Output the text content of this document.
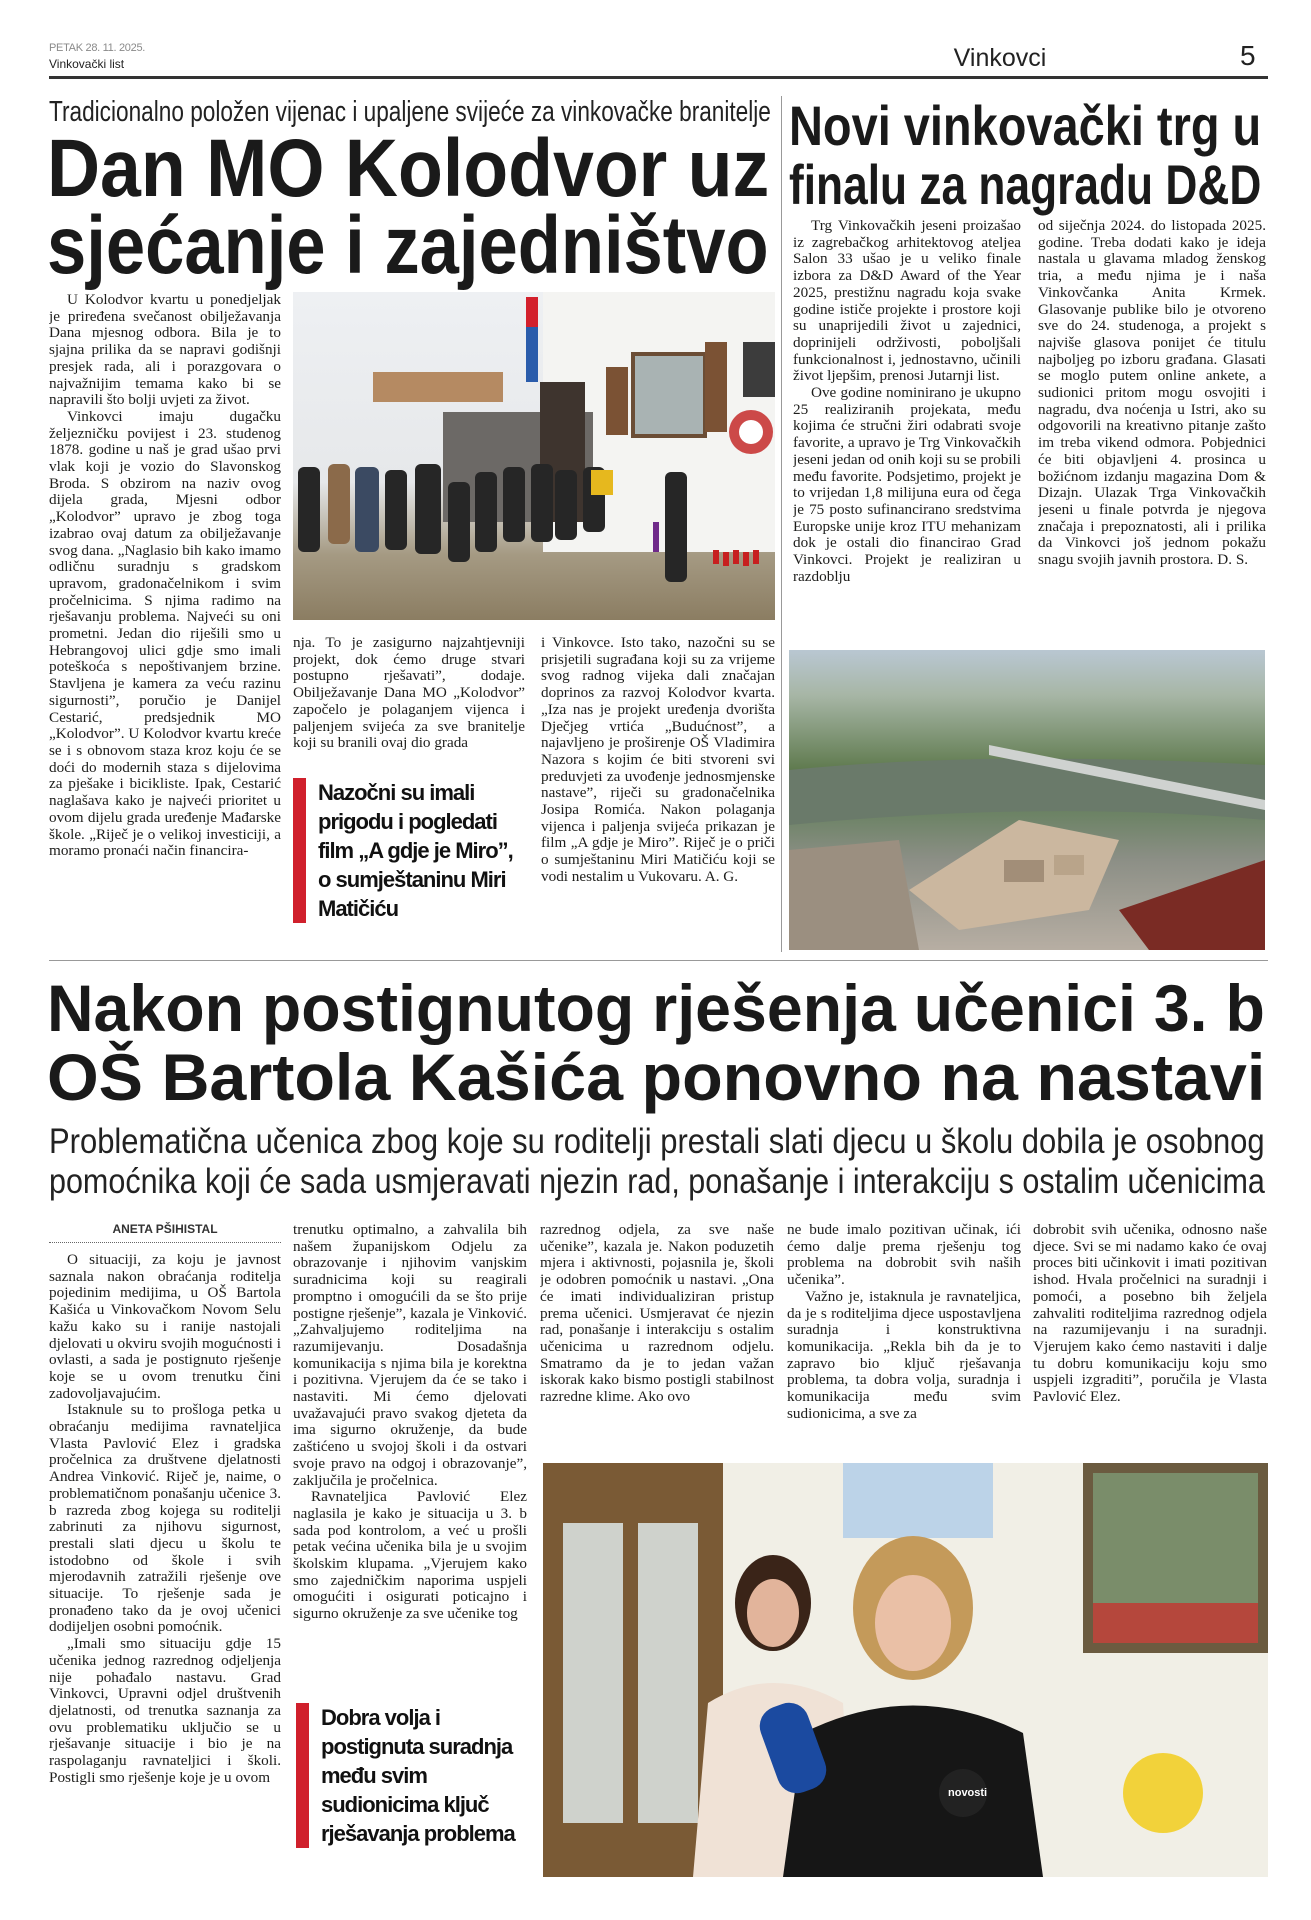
PETAK 28. 11. 2025.
Vinkovački list	Vinkovci	5
Tradicionalno položen vijenac i upaljene svijeće za vinkovačke branitelje
Dan MO Kolodvor uz
sjećanje i zajedništvo

U Kolodvor kvartu u ponedjeljak je priređena svečanost obilježavanja Dana mjesnog odbora. Bila je to sjajna prilika da se napravi godišnji presjek rada, ali i porazgovara o najvažnijim temama kako bi se napravili što bolji uvjeti za život.

Vinkovci imaju dugačku željezničku povijest i 23. studenog 1878. godine u naš je grad ušao prvi vlak koji je vozio do Slavonskog Broda. S obzirom na naziv ovog dijela grada, Mjesni odbor „Kolodvor” upravo je zbog toga izabrao ovaj datum za obilježavanje svog dana. „Naglasio bih kako imamo odličnu suradnju s gradskom upravom, gradonačelnikom i svim pročelnicima. S njima radimo na rješavanju problema. Najveći su oni prometni. Jedan dio riješili smo u Hebrangovoj ulici gdje smo imali poteškoća s nepoštivanjem brzine. Stavljena je kamera za veću razinu sigurnosti”, poručio je Danijel Cestarić, predsjednik MO „Kolodvor”. U Kolodvor kvartu kreće se i s obnovom staza kroz koju će se doći do modernih staza s dijelovima za pješake i bicikliste. Ipak, Cestarić naglašava kako je najveći prioritet u ovom dijelu grada uređenje Mađarske škole. „Riječ je o velikoj investiciji, a moramo pronaći način financira-

nja. To je zasigurno najzahtjevniji projekt, dok ćemo druge stvari postupno rješavati”, dodaje. Obilježavanje Dana MO „Kolodvor” započelo je polaganjem vijenca i paljenjem svijeća za sve branitelje koji su branili ovaj dio grada

Nazočni su imali prigodu i pogledati film „A gdje je Miro”, o sumještaninu Miri Matičiću

i Vinkovce. Isto tako, nazočni su se prisjetili sugrađana koji su za vrijeme svog radnog vijeka dali značajan doprinos za razvoj Kolodvor kvarta. „Iza nas je projekt uređenja dvorišta Dječjeg vrtića „Budućnost”, a najavljeno je proširenje OŠ Vladimira Nazora s kojim će biti stvoreni svi preduvjeti za uvođenje jednosmjenske nastave”, riječi su gradonačelnika Josipa Romića. Nakon polaganja vijenca i paljenja svijeća prikazan je film „A gdje je Miro”. Riječ je o priči o sumještaninu Miri Matičiću koji se vodi nestalim u Vukovaru. A. G.

Novi vinkovački trg u
finalu za nagradu D&D

Trg Vinkovačkih jeseni proizašao iz zagrebačkog arhitektovog ateljea Salon 33 ušao je u veliko finale izbora za D&D Award of the Year 2025, prestižnu nagradu koja svake godine ističe projekte i prostore koji su unaprijedili život u zajednici, doprinijeli održivosti, poboljšali funkcionalnost i, jednostavno, učinili život ljepšim, prenosi Jutarnji list.

Ove godine nominirano je ukupno 25 realiziranih projekata, među kojima će stručni žiri odabrati svoje favorite, a upravo je Trg Vinkovačkih jeseni jedan od onih koji su se probili među favorite. Podsjetimo, projekt je to vrijedan 1,8 milijuna eura od čega je 75 posto sufinancirano sredstvima Europske unije kroz ITU mehanizam dok je ostali dio financirao Grad Vinkovci. Projekt je realiziran u razdoblju

od siječnja 2024. do listopada 2025. godine. Treba dodati kako je ideja nastala u glavama mladog ženskog tria, a među njima je i naša Vinkovčanka Anita Krmek. Glasovanje publike bilo je otvoreno sve do 24. studenoga, a projekt s najviše glasova ponijet će titulu najboljeg po izboru građana. Glasati se moglo putem online ankete, a sudionici pritom mogu osvojiti i nagradu, dva noćenja u Istri, ako su odgovorili na kreativno pitanje zašto im treba vikend odmora. Pobjednici će biti objavljeni 4. prosinca u božićnom izdanju magazina Dom & Dizajn. Ulazak Trga Vinkovačkih jeseni u finale potvrda je njegova značaja i prepoznatosti, ali i prilika da Vinkovci još jednom pokažu snagu svojih javnih prostora. D. S.

Nakon postignutog rješenja učenici 3. b
OŠ Bartola Kašića ponovno na nastavi
Problematična učenica zbog koje su roditelji prestali slati djecu u školu dobila je osobnog
pomoćnika koji će sada usmjeravati njezin rad, ponašanje i interakciju s ostalim učenicima
ANETA PŠIHISTAL

O situaciji, za koju je javnost saznala nakon obraćanja roditelja pojedinim medijima, u OŠ Bartola Kašića u Vinkovačkom Novom Selu kažu kako su i ranije nastojali djelovati u okviru svojih mogućnosti i ovlasti, a sada je postignuto rješenje koje se u ovom trenutku čini zadovoljavajućim.

Istaknule su to prošloga petka u obraćanju medijima ravnateljica Vlasta Pavlović Elez i gradska pročelnica za društvene djelatnosti Andrea Vinković. Riječ je, naime, o problematičnom ponašanju učenice 3. b razreda zbog kojega su roditelji zabrinuti za njihovu sigurnost, prestali slati djecu u školu te istodobno od škole i svih mjerodavnih zatražili rješenje ove situacije. To rješenje sada je pronađeno tako da je ovoj učenici dodijeljen osobni pomoćnik.

„Imali smo situaciju gdje 15 učenika jednog razrednog odjeljenja nije pohađalo nastavu. Grad Vinkovci, Upravni odjel društvenih djelatnosti, od trenutka saznanja za ovu problematiku uključio se u rješavanje situacije i bio je na raspolaganju ravnateljici i školi. Postigli smo rješenje koje je u ovom

trenutku optimalno, a zahvalila bih našem županijskom Odjelu za obrazovanje i njihovim vanjskim suradnicima koji su reagirali promptno i omogućili da se što prije postigne rješenje”, kazala je Vinković. „Zahvaljujemo roditeljima na razumijevanju. Dosadašnja komunikacija s njima bila je korektna i pozitivna. Vjerujem da će se tako i nastaviti. Mi ćemo djelovati uvažavajući pravo svakog djeteta da ima sigurno okruženje, da bude zaštićeno u svojoj školi i da ostvari svoje pravo na odgoj i obrazovanje”, zaključila je pročelnica.

Ravnateljica Pavlović Elez naglasila je kako je situacija u 3. b sada pod kontrolom, a već u prošli petak većina učenika bila je u svojim školskim klupama. „Vjerujem kako smo zajedničkim naporima uspjeli omogućiti i osigurati poticajno i sigurno okruženje za sve učenike tog

Dobra volja i postignuta suradnja među svim sudionicima ključ rješavanja problema

razrednog odjela, za sve naše učenike”, kazala je. Nakon poduzetih mjera i aktivnosti, pojasnila je, školi je odobren pomoćnik u nastavi. „Ona će imati individualiziran pristup prema učenici. Usmjeravat će njezin rad, ponašanje i interakciju s ostalim učenicima u razrednom odjelu. Smatramo da je to jedan važan iskorak kako bismo postigli stabilnost razredne klime. Ako ovo

ne bude imalo pozitivan učinak, ići ćemo dalje prema rješenju tog problema na dobrobit svih naših učenika”.

Važno je, istaknula je ravnateljica, da je s roditeljima djece uspostavljena suradnja i konstruktivna komunikacija. „Rekla bih da je to zapravo bio ključ rješavanja problema, ta dobra volja, suradnja i komunikacija među svim sudionicima, a sve za

dobrobit svih učenika, odnosno naše djece. Svi se mi nadamo kako će ovaj proces biti učinkovit i imati pozitivan ishod. Hvala pročelnici na suradnji i pomoći, a posebno bih željela zahvaliti roditeljima razrednog odjela na razumijevanju i na suradnji. Vjerujem kako ćemo nastaviti i dalje tu dobru komunikaciju koju smo uspjeli izgraditi”, poručila je Vlasta Pavlović Elez.

novosti
